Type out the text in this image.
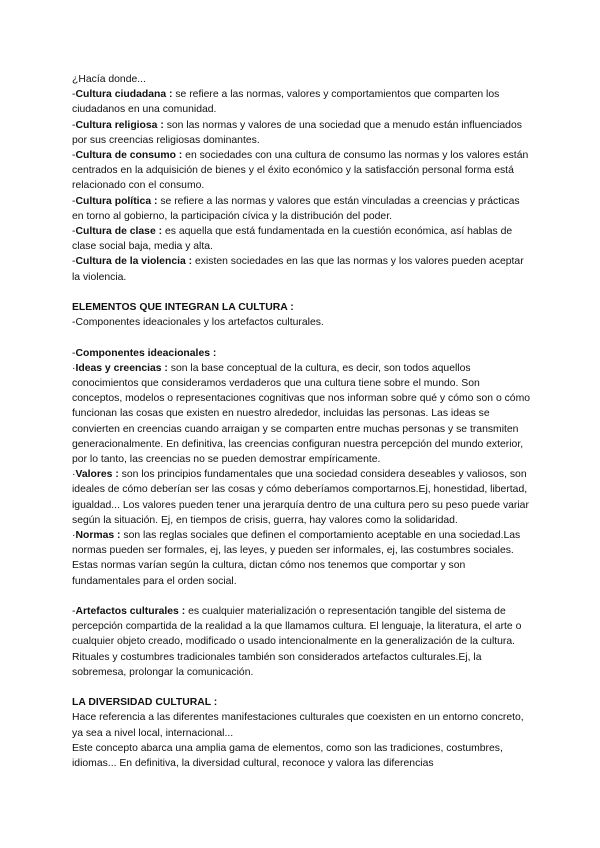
¿Hacía donde...

-Cultura ciudadana : se refiere a las normas, valores y comportamientos que comparten los ciudadanos en una comunidad.

-Cultura religiosa : son las normas y valores de una sociedad que a menudo están influenciados por sus creencias religiosas dominantes.

-Cultura de consumo : en sociedades con una cultura de consumo las normas y los valores están centrados en la adquisición de bienes y el éxito económico y la satisfacción personal forma está relacionado con el consumo.

-Cultura política : se refiere a las normas y valores que están vinculadas a creencias y prácticas en torno al gobierno, la participación cívica y la distribución del poder.

-Cultura de clase : es aquella que está fundamentada en la cuestión económica, así hablas de clase social baja, media y alta.

-Cultura de la violencia : existen sociedades en las que las normas y los valores pueden aceptar la violencia.

ELEMENTOS QUE INTEGRAN LA CULTURA :

-Componentes ideacionales y los artefactos culturales.

-Componentes ideacionales :

·Ideas y creencias : son la base conceptual de la cultura, es decir, son todos aquellos conocimientos que consideramos verdaderos que una cultura tiene sobre el mundo. Son conceptos, modelos o representaciones cognitivas que nos informan sobre qué y cómo son o cómo funcionan las cosas que existen en nuestro alrededor, incluidas las personas. Las ideas se convierten en creencias cuando arraigan y se comparten entre muchas personas y se transmiten generacionalmente. En definitiva, las creencias configuran nuestra percepción del mundo exterior, por lo tanto, las creencias no se pueden demostrar empíricamente.

·Valores : son los principios fundamentales que una sociedad considera deseables y valiosos, son ideales de cómo deberían ser las cosas y cómo deberíamos comportarnos.Ej, honestidad, libertad, igualdad... Los valores pueden tener una jerarquía dentro de una cultura pero su peso puede variar según la situación. Ej, en tiempos de crisis, guerra, hay valores como la solidaridad.

·Normas : son las reglas sociales que definen el comportamiento aceptable en una sociedad.Las normas pueden ser formales, ej, las leyes, y pueden ser informales, ej, las costumbres sociales. Estas normas varían según la cultura, dictan cómo nos tenemos que comportar y son fundamentales para el orden social.

-Artefactos culturales : es cualquier materialización o representación tangible del sistema de percepción compartida de la realidad a la que llamamos cultura. El lenguaje, la literatura, el arte o cualquier objeto creado, modificado o usado intencionalmente en la generalización de la cultura. Rituales y costumbres tradicionales también son considerados artefactos culturales.Ej, la sobremesa, prolongar la comunicación.

LA DIVERSIDAD CULTURAL :

Hace referencia a las diferentes manifestaciones culturales que coexisten en un entorno concreto, ya sea a nivel local, internacional...

Este concepto abarca una amplia gama de elementos, como son las tradiciones, costumbres, idiomas... En definitiva, la diversidad cultural, reconoce y valora las diferencias
